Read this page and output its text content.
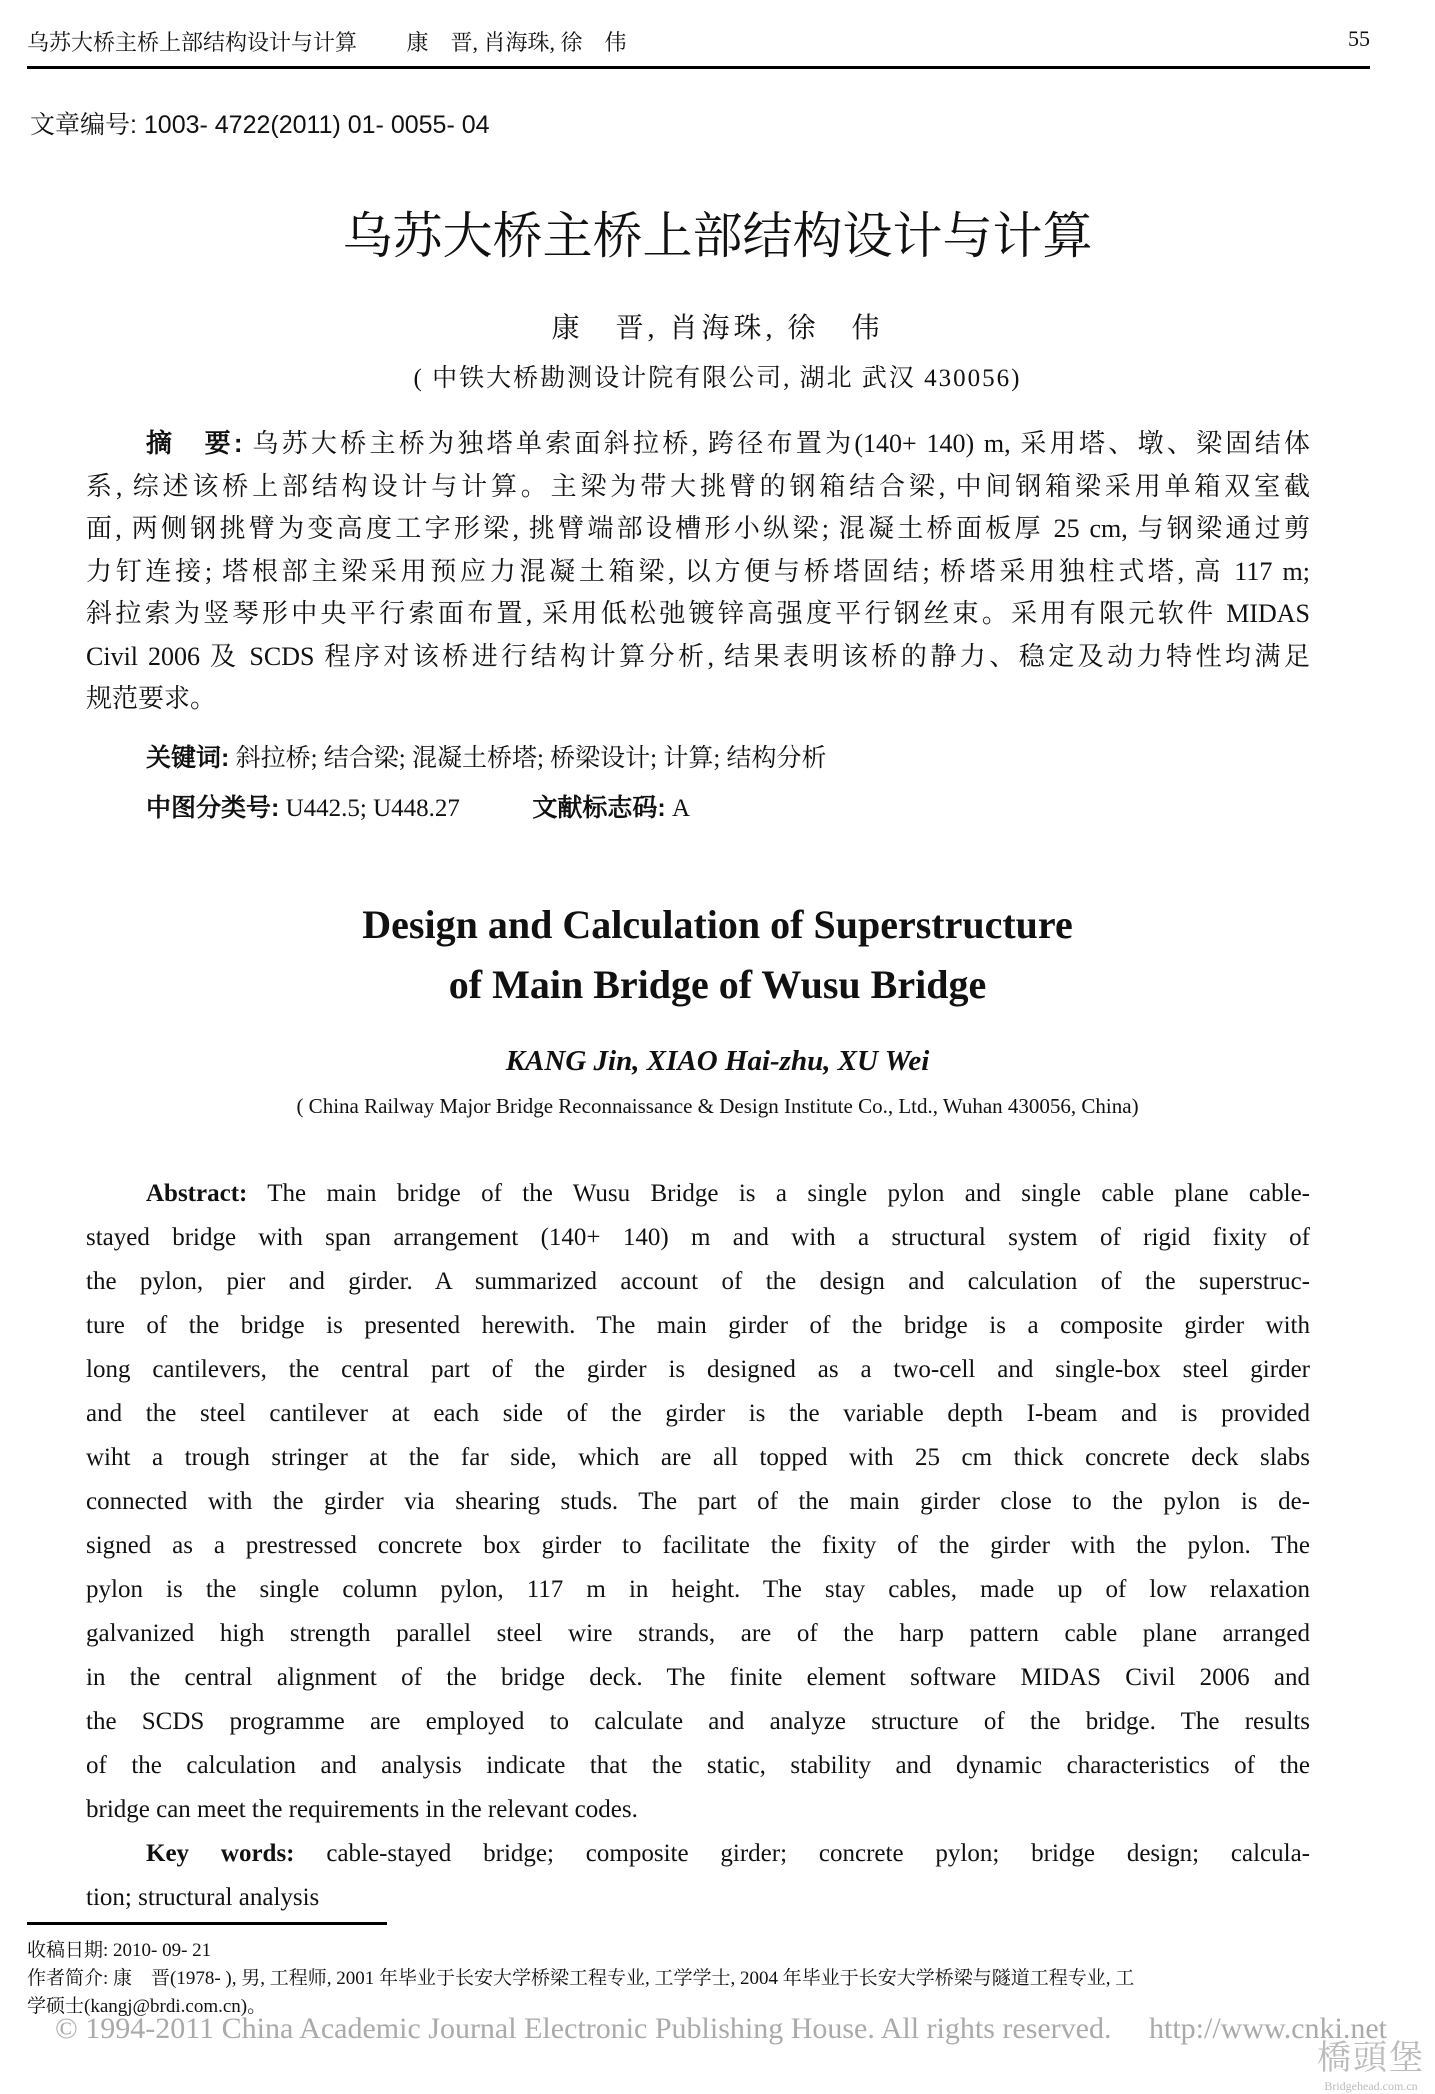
乌苏大桥主桥上部结构设计与计算　　 康　晋, 肖海珠, 徐　伟	55
文章编号: 1003- 4722(2011) 01- 0055- 04
乌苏大桥主桥上部结构设计与计算
康　晋, 肖海珠, 徐　伟
( 中铁大桥勘测设计院有限公司, 湖北 武汉 430056)
摘　要: 乌苏大桥主桥为独塔单索面斜拉桥, 跨径布置为(140+ 140) m, 采用塔、墩、梁固结体
系, 综述该桥上部结构设计与计算。主梁为带大挑臂的钢箱结合梁, 中间钢箱梁采用单箱双室截
面, 两侧钢挑臂为变高度工字形梁, 挑臂端部设槽形小纵梁; 混凝土桥面板厚 25 cm, 与钢梁通过剪
力钉连接; 塔根部主梁采用预应力混凝土箱梁, 以方便与桥塔固结; 桥塔采用独柱式塔, 高 117 m;
斜拉索为竖琴形中央平行索面布置, 采用低松弛镀锌高强度平行钢丝束。采用有限元软件 MIDAS
Civil 2006 及 SCDS 程序对该桥进行结构计算分析, 结果表明该桥的静力、稳定及动力特性均满足
规范要求。
关键词: 斜拉桥; 结合梁; 混凝土桥塔; 桥梁设计; 计算; 结构分析
中图分类号: U442.5; U448.27	文献标志码: A
Design and Calculation of Superstructure
of Main Bridge of Wusu Bridge
KANG Jin, XIAO Hai-zhu, XU Wei
( China Railway Major Bridge Reconnaissance & Design Institute Co., Ltd., Wuhan 430056, China)
Abstract: The main bridge of the Wusu Bridge is a single pylon and single cable plane cable-
stayed bridge with span arrangement (140+ 140) m and with a structural system of rigid fixity of
the pylon, pier and girder. A summarized account of the design and calculation of the superstruc-
ture of the bridge is presented herewith. The main girder of the bridge is a composite girder with
long cantilevers, the central part of the girder is designed as a two-cell and single-box steel girder
and the steel cantilever at each side of the girder is the variable depth I-beam and is provided
wiht a trough stringer at the far side, which are all topped with 25 cm thick concrete deck slabs
connected with the girder via shearing studs. The part of the main girder close to the pylon is de-
signed as a prestressed concrete box girder to facilitate the fixity of the girder with the pylon. The
pylon is the single column pylon, 117 m in height. The stay cables, made up of low relaxation
galvanized high strength parallel steel wire strands, are of the harp pattern cable plane arranged
in the central alignment of the bridge deck. The finite element software MIDAS Civil 2006 and
the SCDS programme are employed to calculate and analyze structure of the bridge. The results
of the calculation and analysis indicate that the static, stability and dynamic characteristics of the
bridge can meet the requirements in the relevant codes.
Key words: cable-stayed bridge; composite girder; concrete pylon; bridge design; calcula-
tion; structural analysis
收稿日期: 2010- 09- 21
作者简介: 康　晋(1978- ), 男, 工程师, 2001 年毕业于长安大学桥梁工程专业, 工学学士, 2004 年毕业于长安大学桥梁与隧道工程专业, 工
学硕士(kangj@brdi.com.cn)。
© 1994-2011 China Academic Journal Electronic Publishing House. All rights reserved.　 http://www.cnki.net
橋頭堡
Bridgehead.com.cn
